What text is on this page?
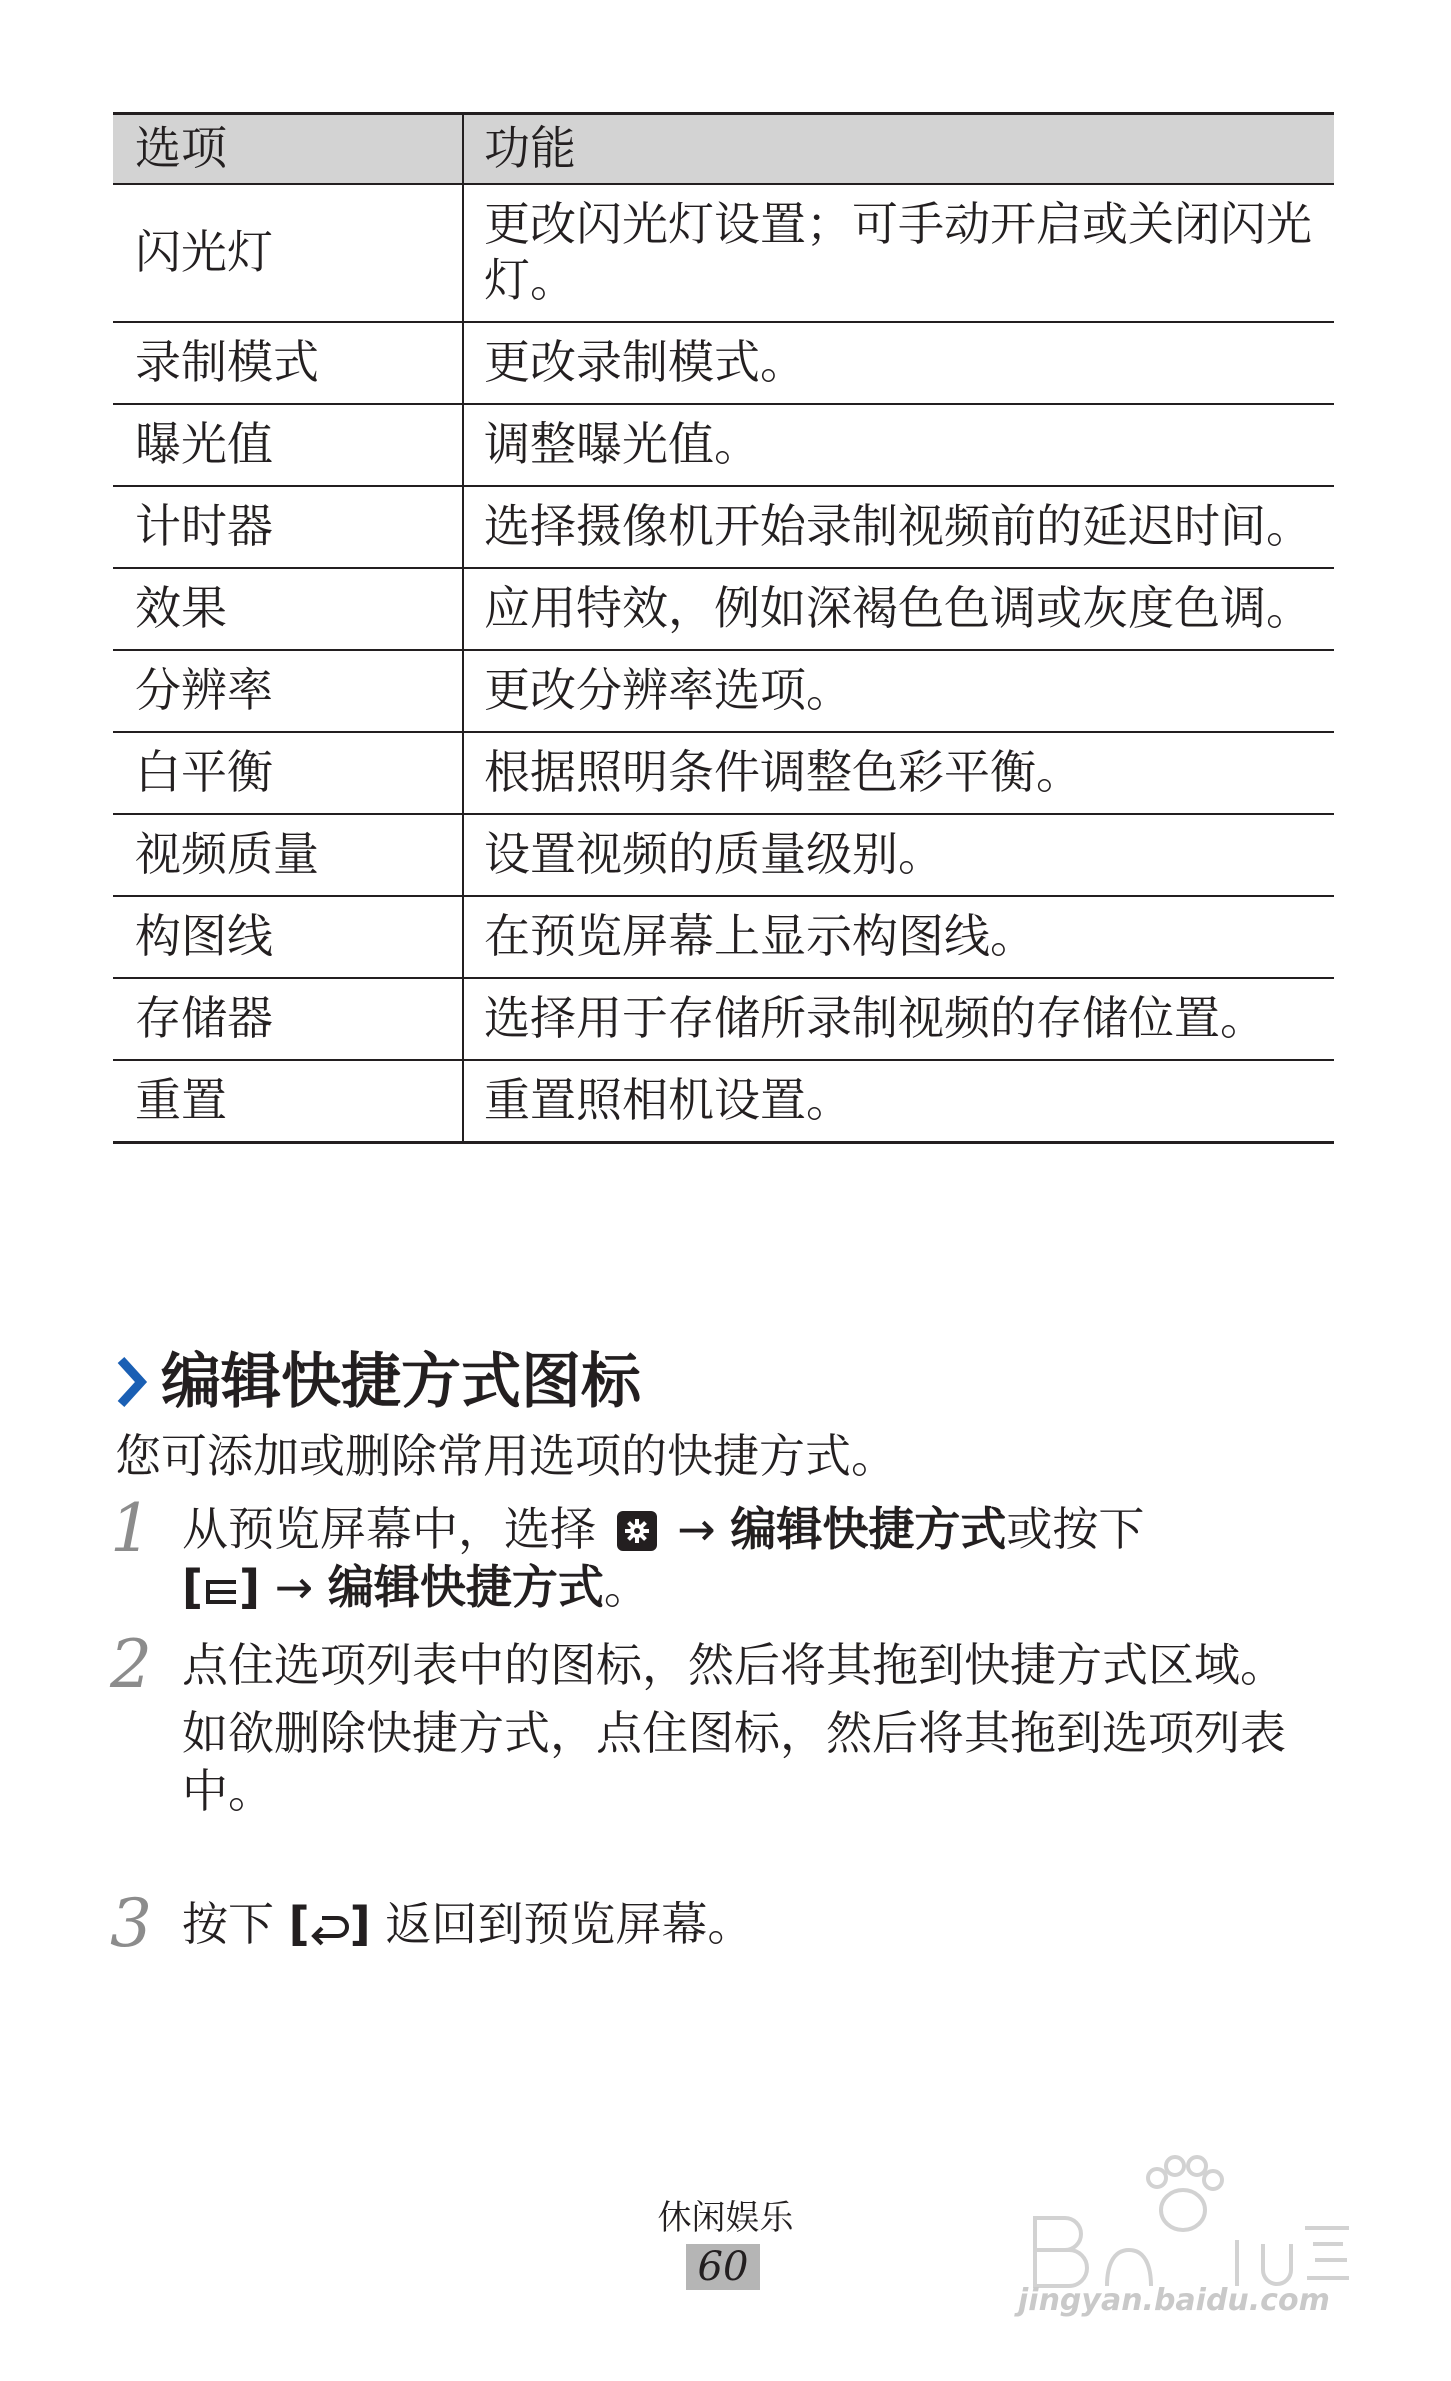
选项	功能
闪光灯	更改闪光灯设置；可手动开启或关闭闪光灯。
录制模式	更改录制模式。
曝光值	调整曝光值。
计时器	选择摄像机开始录制视频前的延迟时间。
效果	应用特效，例如深褐色色调或灰度色调。
分辨率	更改分辨率选项。
白平衡	根据照明条件调整色彩平衡。
视频质量	设置视频的质量级别。
构图线	在预览屏幕上显示构图线。
存储器	选择用于存储所录制视频的存储位置。
重置	重置照相机设置。
编辑快捷方式图标
您可添加或删除常用选项的快捷方式。
1 从预览屏幕中，选择 → 编辑快捷方式或按下
[ ] → 编辑快捷方式。

2 点住选项列表中的图标，然后将其拖到快捷方式区域。

如欲删除快捷方式，点住图标，然后将其拖到选项列表中。

3 按下 [ ] 返回到预览屏幕。

休闲娱乐
60
jingyan.baidu.com
